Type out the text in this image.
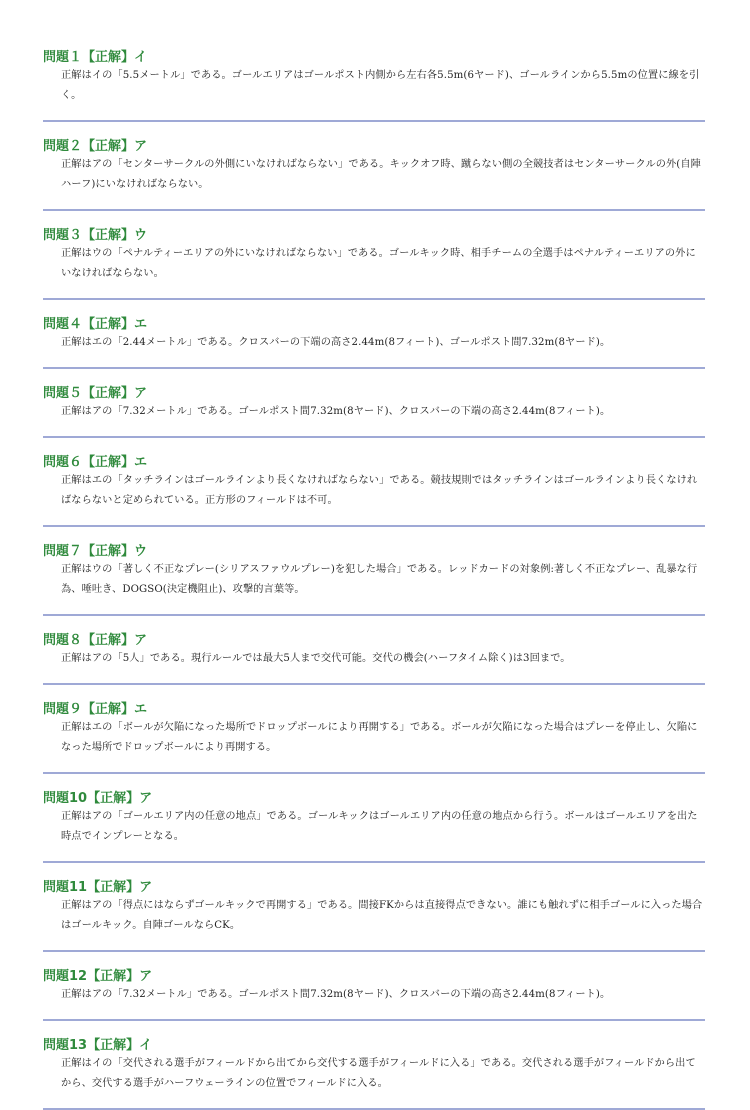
問題１【正解】イ

正解はイの「5.5メートル」である。ゴールエリアはゴールポスト内側から左右各5.5m(6ヤード)、ゴールラインから5.5mの位置に線を引く。

問題２【正解】ア

正解はアの「センターサークルの外側にいなければならない」である。キックオフ時、蹴らない側の全競技者はセンターサークルの外(自陣ハーフ)にいなければならない。

問題３【正解】ウ

正解はウの「ペナルティーエリアの外にいなければならない」である。ゴールキック時、相手チームの全選手はペナルティーエリアの外にいなければならない。

問題４【正解】エ

正解はエの「2.44メートル」である。クロスバーの下端の高さ2.44m(8フィート)、ゴールポスト間7.32m(8ヤード)。

問題５【正解】ア

正解はアの「7.32メートル」である。ゴールポスト間7.32m(8ヤード)、クロスバーの下端の高さ2.44m(8フィート)。

問題６【正解】エ

正解はエの「タッチラインはゴールラインより長くなければならない」である。競技規則ではタッチラインはゴールラインより長くなければならないと定められている。正方形のフィールドは不可。

問題７【正解】ウ

正解はウの「著しく不正なプレー(シリアスファウルプレー)を犯した場合」である。レッドカードの対象例:著しく不正なプレー、乱暴な行為、唾吐き、DOGSO(決定機阻止)、攻撃的言葉等。

問題８【正解】ア

正解はアの「5人」である。現行ルールでは最大5人まで交代可能。交代の機会(ハーフタイム除く)は3回まで。

問題９【正解】エ

正解はエの「ボールが欠陥になった場所でドロップボールにより再開する」である。ボールが欠陥になった場合はプレーを停止し、欠陥になった場所でドロップボールにより再開する。

問題10【正解】ア

正解はアの「ゴールエリア内の任意の地点」である。ゴールキックはゴールエリア内の任意の地点から行う。ボールはゴールエリアを出た時点でインプレーとなる。

問題11【正解】ア

正解はアの「得点にはならずゴールキックで再開する」である。間接FKからは直接得点できない。誰にも触れずに相手ゴールに入った場合はゴールキック。自陣ゴールならCK。

問題12【正解】ア

正解はアの「7.32メートル」である。ゴールポスト間7.32m(8ヤード)、クロスバーの下端の高さ2.44m(8フィート)。

問題13【正解】イ

正解はイの「交代される選手がフィールドから出てから交代する選手がフィールドに入る」である。交代される選手がフィールドから出てから、交代する選手がハーフウェーラインの位置でフィールドに入る。
